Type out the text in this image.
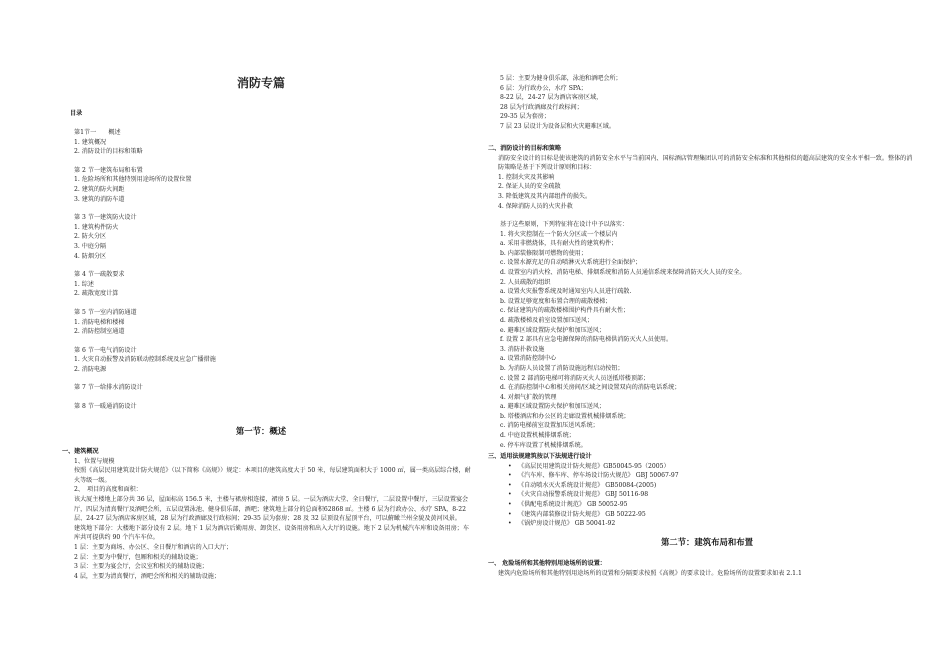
消防专篇
目录
第1节一　　概述
1. 建筑概况
2. 消防设计的目标和策略
第 2 节一建筑布局和布置
1. 危险场所和其他特别用途场所的设置位置
2. 建筑的防火间距
3. 建筑的消防车道
第 3 节一建筑防火设计
1. 建筑构件防火
2. 防火分区
3. 中庭分隔
4. 防烟分区
第 4 节一疏散要求
1. 综述
2. 疏散宽度计算
第 5 节一室内消防通道
1. 消防电梯和楼梯
2. 消防控制室通道
第 6 节一电气消防设计
1. 火灾自动报警及消防联动控制系统及应急广播措施
2. 消防电源
第 7 节一给排水消防设计
第 8 节一暖通消防设计
第一节：概述
一、建筑概况
1、位置与规模
按照《高层民用建筑设计防火规范》（以下简称《高规》）规定：本项目的建筑高度大于 50 米，每层建筑面积大于 1000 ㎡，属一类高层综合楼，耐火等级一级。
2、　项目的高度和面积：
该大厦主楼地上部分共 36 层，屋面标高 156.5 米，主楼与裙房相连接，裙房 5 层。一层为酒店大堂、全日餐厅，二层设置中餐厅，三层设置宴会厅，四层为清真餐厅及酒吧会所，五层设置泳池、健身俱乐部，酒吧；建筑地上部分的总面积62868 ㎡。主楼 6 层为行政办公、水疗 SPA，8-22 层、24-27 层为酒店客房区域，28 层为行政酒廊及行政标间；29-35 层为套房；28 及 32 层顶设有屋顶平台，可以俯瞰兰州全貌及黄河风景。
建筑地下部分：大楼地下部分设有 2 层。地下 1 层为酒店后勤用房、卸货区、设备用房和出入大厅的设施。地下 2 层为机械汽车库和设备用房；车库共可提供约 90 个汽车车位。
1 层：主要为商场、办公区、全日餐厅和酒店的入口大厅；
2 层：主要为中餐厅，包厢和相关的辅助设施；
3 层：主要为宴会厅，会议室和相关的辅助设施；
4 层，主要为清真餐厅，酒吧会所和相关的辅助设施；
5 层：主要为健身俱乐部，泳池和酒吧会所；
6 层：为行政办公，水疗 SPA；
8-22 层，24-27 层为酒店客房区域，
28 层为行政酒廊及行政标间；
29-35 层为套房；
7 层 23 层设计为设备层和火灾避难区域。
二、消防设计的目标和策略
消防安全设计的目标是使该建筑的消防安全水平与当前国内、国标酒店管理集团认可的消防安全标准和其他相似的超高层建筑的安全水平相一致。整体的消防策略是基于下列设计原则和目标：
1. 控制火灾及其影响
2. 保证人员的安全疏散
3. 降低建筑及其内部组件的损失。
4. 保障消防人员的火灾扑救
基于这些原则，下列特征将在设计中予以落实：
1. 将火灾控制在一个防火分区或一个楼层内
a. 采用非燃烧体，具有耐火性的建筑构件；
b. 内部装修限制可燃物的使用；
c. 设置水源充足的自动喷淋灭火系统进行全面保护；
d. 设置室内消火栓、消防电梯、排烟系统和消防人员通信系统来保障消防灭火人员的安全。
2. 人员疏散的组织
a. 设置火灾报警系统及时通知室内人员进行疏散.
b. 设置足够宽度和布置合理的疏散楼梯；
c. 保证建筑内的疏散楼梯围护构件具有耐火性；
d. 疏散楼梯及前室设置加压送风；
e. 避难区域设置防火保护和加压送风；
f. 设置 2 部具有应急电源保障的消防电梯供消防灭火人员使用。
3. 消防扑救设施
a. 设置消防控制中心
b. 为消防人员设置了消防设施远程启动按钮；
c. 设置 2 部消防电梯可将消防灭火人员送抵塔楼顶部；
d. 在消防控制中心和相关房间/区域之间设置双向的消防电话系统；
4. 对烟气扩散的管理
a. 避难区域设置防火保护和加压送风；
b. 塔楼酒店和办公区的走廊设置机械排烟系统；
c. 消防电梯前室设置加压送风系统；
d. 中庭设置机械排烟系统；
e. 停车库设置了机械排烟系统。
三、适用法规建筑按以下法规进行设计
• 《高层民用建筑设计防火规范》GB50045-95（2005）
• 《汽车库、修车库、停车场设计防火规范》 GBJ 50067-97
• 《自动喷水灭火系统设计规范》 GB50084-(2005)
• 《火灾自动报警系统设计规范》 GBJ 50116-98
• 《供配电系统设计规范》 GB 50052-95
• 《建筑内部装修设计防火规范》 GB 50222-95
• 《锅炉房设计规范》 GB 50041-92
第二节：建筑布局和布置
一、 危险场所和其他特别用途场所的设置：
建筑内危险场所和其他特别用途场所的设置和分隔要求按照《高规》的要求设计。危险场所的设置要求如表 2.1.1
